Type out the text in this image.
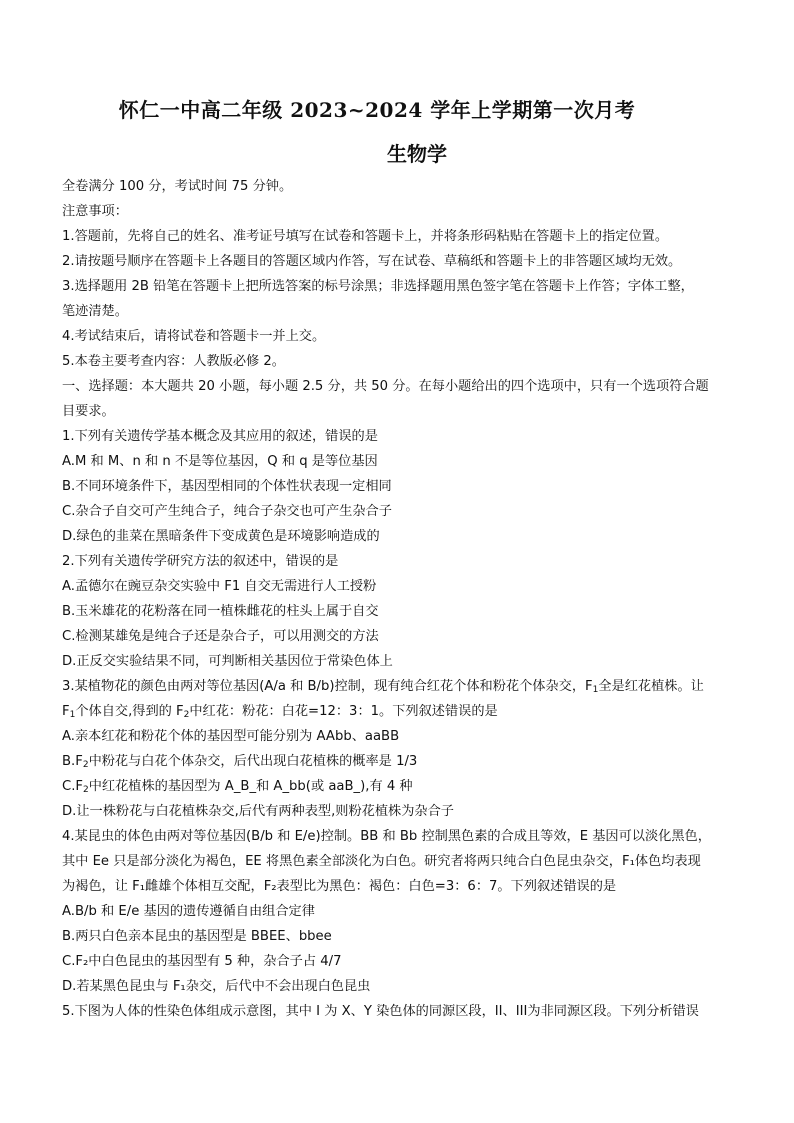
怀仁一中高二年级 2023~2024 学年上学期第一次月考
生物学
全卷满分 100 分，考试时间 75 分钟。
注意事项：
1.答题前，先将自己的姓名、准考证号填写在试卷和答题卡上，并将条形码粘贴在答题卡上的指定位置。
2.请按题号顺序在答题卡上各题目的答题区域内作答，写在试卷、草稿纸和答题卡上的非答题区域均无效。
3.选择题用 2B 铅笔在答题卡上把所选答案的标号涂黑；非选择题用黑色签字笔在答题卡上作答；字体工整，
笔迹清楚。
4.考试结束后，请将试卷和答题卡一并上交。
5.本卷主要考查内容：人教版必修 2。
一、选择题：本大题共 20 小题，每小题 2.5 分，共 50 分。在每小题给出的四个选项中，只有一个选项符合题
目要求。
1.下列有关遗传学基本概念及其应用的叙述，错误的是
A.M 和 M、n 和 n 不是等位基因，Q 和 q 是等位基因
B.不同环境条件下，基因型相同的个体性状表现一定相同
C.杂合子自交可产生纯合子，纯合子杂交也可产生杂合子
D.绿色的韭菜在黑暗条件下变成黄色是环境影响造成的
2.下列有关遗传学研究方法的叙述中，错误的是
A.孟德尔在豌豆杂交实验中 F1 自交无需进行人工授粉
B.玉米雄花的花粉落在同一植株雌花的柱头上属于自交
C.检测某雄兔是纯合子还是杂合子，可以用测交的方法
D.正反交实验结果不同，可判断相关基因位于常染色体上
3.某植物花的颜色由两对等位基因(A/a 和 B/b)控制，现有纯合红花个体和粉花个体杂交，$F_1$全是红花植株。让
$F_1$个体自交,得到的 $F_2$中红花：粉花：白花=12：3：1。下列叙述错误的是
A.亲本红花和粉花个体的基因型可能分别为 AAbb、aaBB
$B.F_2$中粉花与白花个体杂交，后代出现白花植株的概率是 1/3
$C.F_2$中红花植株的基因型为 A_B_和 A_bb(或 aaB_),有 4 种
D.让一株粉花与白花植株杂交,后代有两种表型,则粉花植株为杂合子
4.某昆虫的体色由两对等位基因(B/b 和 E/e)控制。BB 和 Bb 控制黑色素的合成且等效，E 基因可以淡化黑色，
其中 Ee 只是部分淡化为褐色，EE 将黑色素全部淡化为白色。研究者将两只纯合白色昆虫杂交，F₁体色均表现
为褐色，让 F₁雌雄个体相互交配，F₂表型比为黑色：褐色：白色=3：6：7。下列叙述错误的是
A.B/b 和 E/e 基因的遗传遵循自由组合定律
B.两只白色亲本昆虫的基因型是 BBEE、bbee
C.F₂中白色昆虫的基因型有 5 种，杂合子占 4/7
D.若某黑色昆虫与 F₁杂交，后代中不会出现白色昆虫
5.下图为人体的性染色体组成示意图，其中 I 为 X、Y 染色体的同源区段，II、III为非同源区段。下列分析错误
